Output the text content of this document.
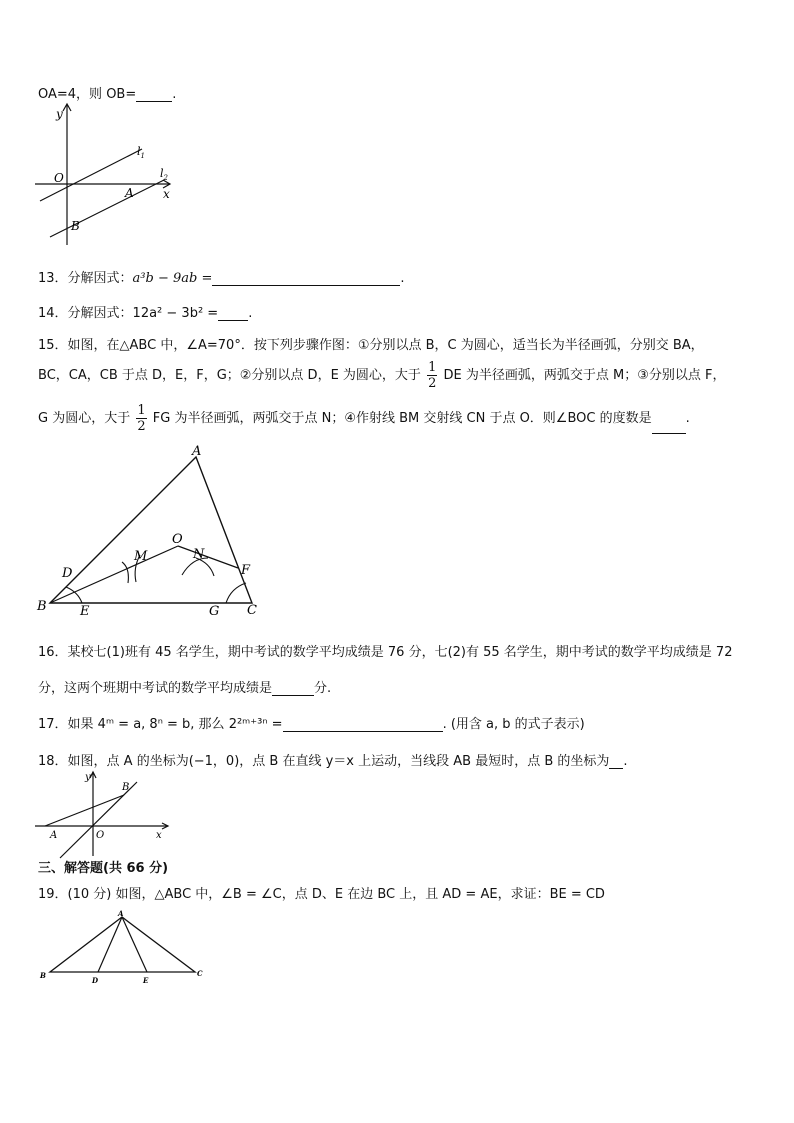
OA=4，则 OB=	.
y
x
O
A
B
$l_1$
$l_2$
13．分解因式：a³b − 9ab =	.
14．分解因式：12a² − 3b² = .
15．如图，在△ABC 中，∠A=70°．按下列步骤作图：①分别以点 B，C 为圆心，适当长为半径画弧，分别交 BA，
BC，CA，CB 于点 D，E，F，G；②分别以点 D，E 为圆心，大于 $\frac{1}{2}$ DE 为半径画弧，两弧交于点 M；③分别以点 F，
G 为圆心，大于 $\frac{1}{2}$ FG 为半径画弧，两弧交于点 N；④作射线 BM 交射线 CN 于点 O．则∠BOC 的度数是	.
A
B	C
D
E
F
G
M	N
O
16．某校七(1)班有 45 名学生，期中考试的数学平均成绩是 76 分，七(2)有 55 名学生，期中考试的数学平均成绩是 72
分，这两个班期中考试的数学平均成绩是	分.
17．如果 4ᵐ = a, 8ⁿ = b, 那么 2²ᵐ⁺³ⁿ =	. (用含 a, b 的式子表示)
18．如图，点 A 的坐标为(−1，0)，点 B 在直线 y＝x 上运动，当线段 AB 最短时，点 B 的坐标为 .
y
x
O
A
B
三、解答题(共 66 分)
19．(10 分) 如图，△ABC 中，∠B = ∠C，点 D、E 在边 BC 上，且 AD = AE，求证：BE = CD
A
B	C
D	E
